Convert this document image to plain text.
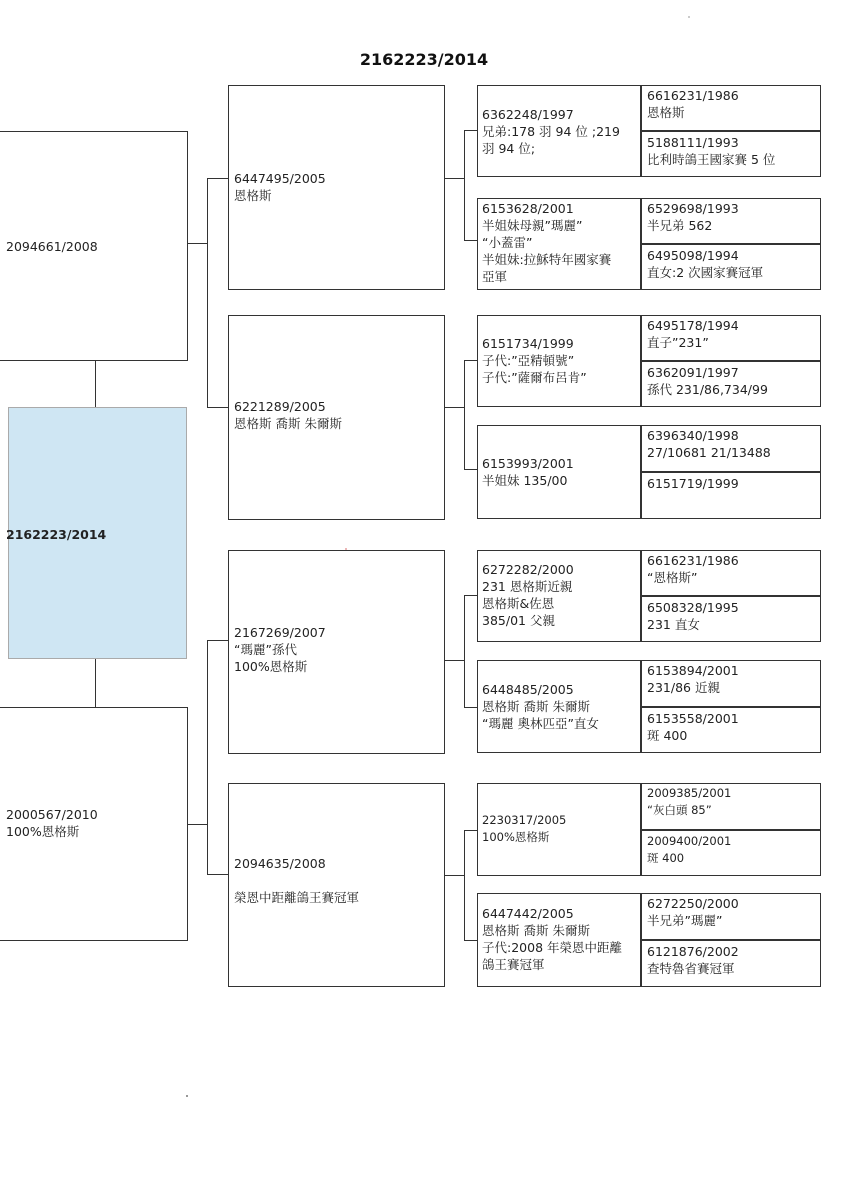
2162223/2014
2094661/2008
2162223/2014
2000567/2010
100%恩格斯
6447495/2005
恩格斯
6221289/2005
恩格斯 喬斯 朱爾斯
2167269/2007
“瑪麗”孫代
100%恩格斯
2094635/2008
榮恩中距離鴿王賽冠軍
6362248/1997
兄弟:178 羽 94 位 ;219
羽 94 位;
6616231/1986
恩格斯
5188111/1993
比利時鴿王國家賽 5 位
6153628/2001
半姐妹母親”瑪麗”
“小蓋雷”
半姐妹:拉穌特年國家賽
亞軍
6529698/1993
半兄弟 562
6495098/1994
直女:2 次國家賽冠軍
6151734/1999
子代:”亞精頓號”
子代:”薩爾布呂肯”
6495178/1994
直子”231”
6362091/1997
孫代 231/86,734/99
6153993/2001
半姐妹 135/00
6396340/1998
27/10681 21/13488
6151719/1999
6272282/2000
231 恩格斯近親
恩格斯&佐恩
385/01 父親
6616231/1986
“恩格斯”
6508328/1995
231 直女
6448485/2005
恩格斯 喬斯 朱爾斯
“瑪麗 奧林匹亞”直女
6153894/2001
231/86 近親
6153558/2001
斑 400
2230317/2005
100%恩格斯
2009385/2001
“灰白頭 85”
2009400/2001
斑 400
6447442/2005
恩格斯 喬斯 朱爾斯
子代:2008 年榮恩中距離
鴿王賽冠軍
6272250/2000
半兄弟”瑪麗”
6121876/2002
查特魯省賽冠軍
